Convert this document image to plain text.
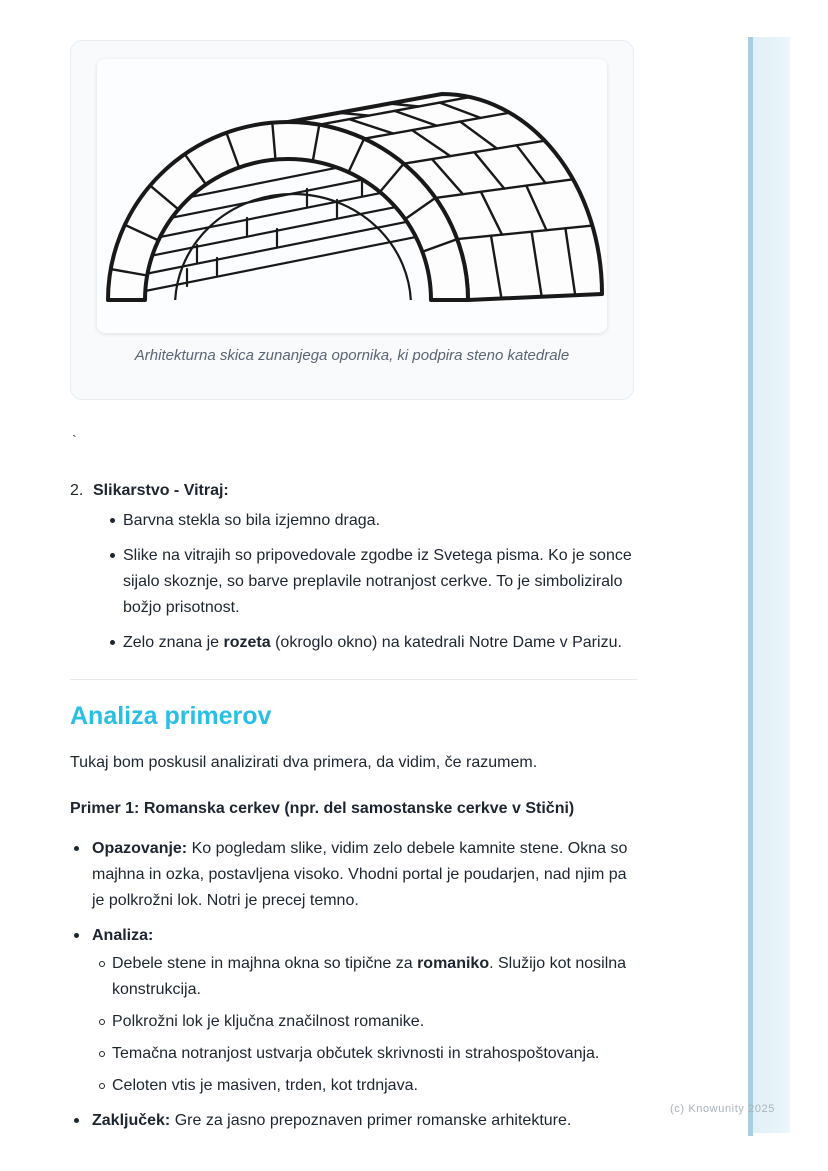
Arhitekturna skica zunanjega opornika, ki podpira steno katedrale
`
2. Slikarstvo - Vitraj:
Barvna stekla so bila izjemno draga.
Slike na vitrajih so pripovedovale zgodbe iz Svetega pisma. Ko je sonce sijalo skoznje, so barve preplavile notranjost cerkve. To je simboliziralo božjo prisotnost.
Zelo znana je rozeta (okroglo okno) na katedrali Notre Dame v Parizu.
Analiza primerov

Tukaj bom poskusil analizirati dva primera, da vidim, če razumem.

Primer 1: Romanska cerkev (npr. del samostanske cerkve v Stični)

Opazovanje: Ko pogledam slike, vidim zelo debele kamnite stene. Okna so majhna in ozka, postavljena visoko. Vhodni portal je poudarjen, nad njim pa je polkrožni lok. Notri je precej temno.
Analiza:
Debele stene in majhna okna so tipične za romaniko. Služijo kot nosilna konstrukcija.
Polkrožni lok je ključna značilnost romanike.
Temačna notranjost ustvarja občutek skrivnosti in strahospoštovanja.
Celoten vtis je masiven, trden, kot trdnjava.
Zaključek: Gre za jasno prepoznaven primer romanske arhitekture.
(c) Knowunity 2025
